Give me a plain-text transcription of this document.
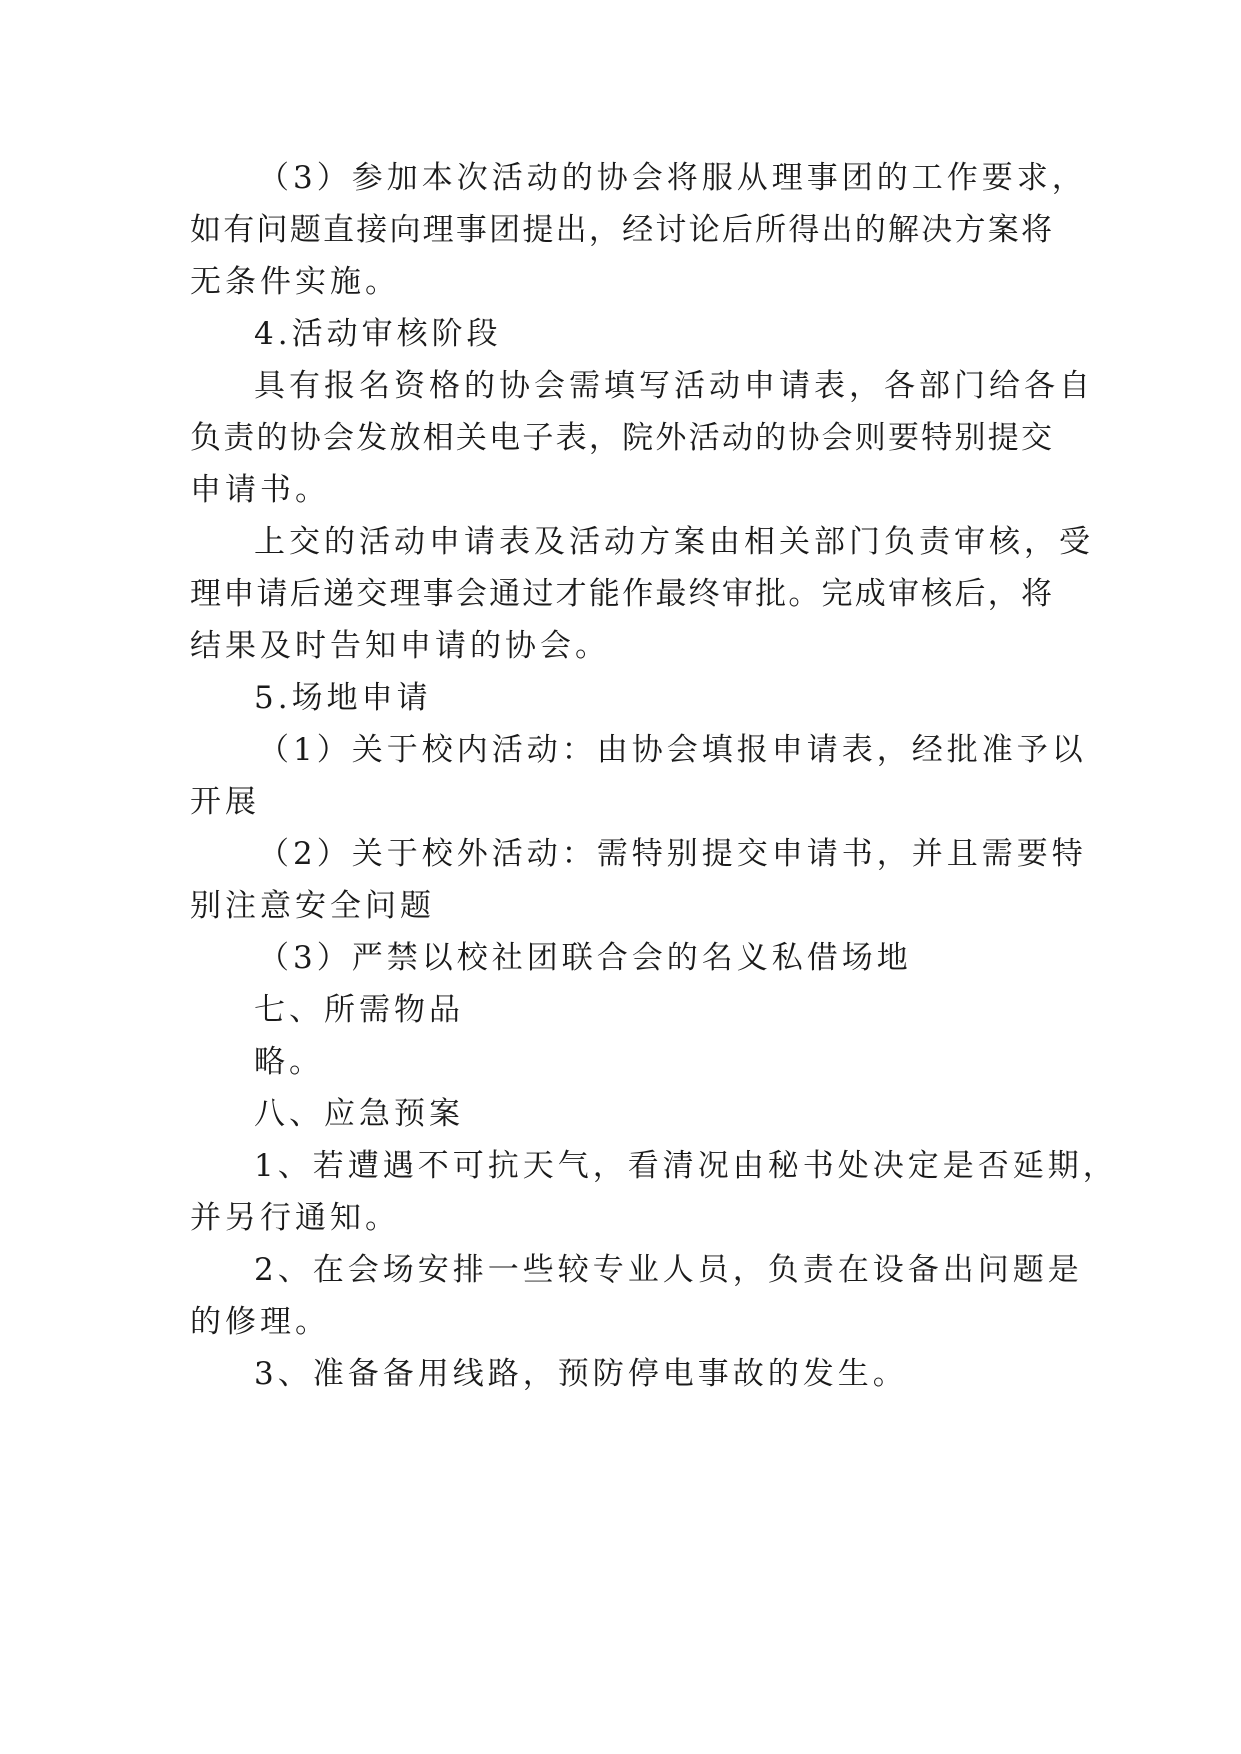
（3）参加本次活动的协会将服从理事团的工作要求，
如有问题直接向理事团提出，经讨论后所得出的解决方案将
无条件实施。
4.活动审核阶段
具有报名资格的协会需填写活动申请表，各部门给各自
负责的协会发放相关电子表，院外活动的协会则要特别提交
申请书。
上交的活动申请表及活动方案由相关部门负责审核，受
理申请后递交理事会通过才能作最终审批。完成审核后，将
结果及时告知申请的协会。
5.场地申请
（1）关于校内活动：由协会填报申请表，经批准予以
开展
（2）关于校外活动：需特别提交申请书，并且需要特
别注意安全问题
（3）严禁以校社团联合会的名义私借场地
七、所需物品
略。
八、应急预案
1、若遭遇不可抗天气，看清况由秘书处决定是否延期，
并另行通知。
2、在会场安排一些较专业人员，负责在设备出问题是
的修理。
3、准备备用线路，预防停电事故的发生。
